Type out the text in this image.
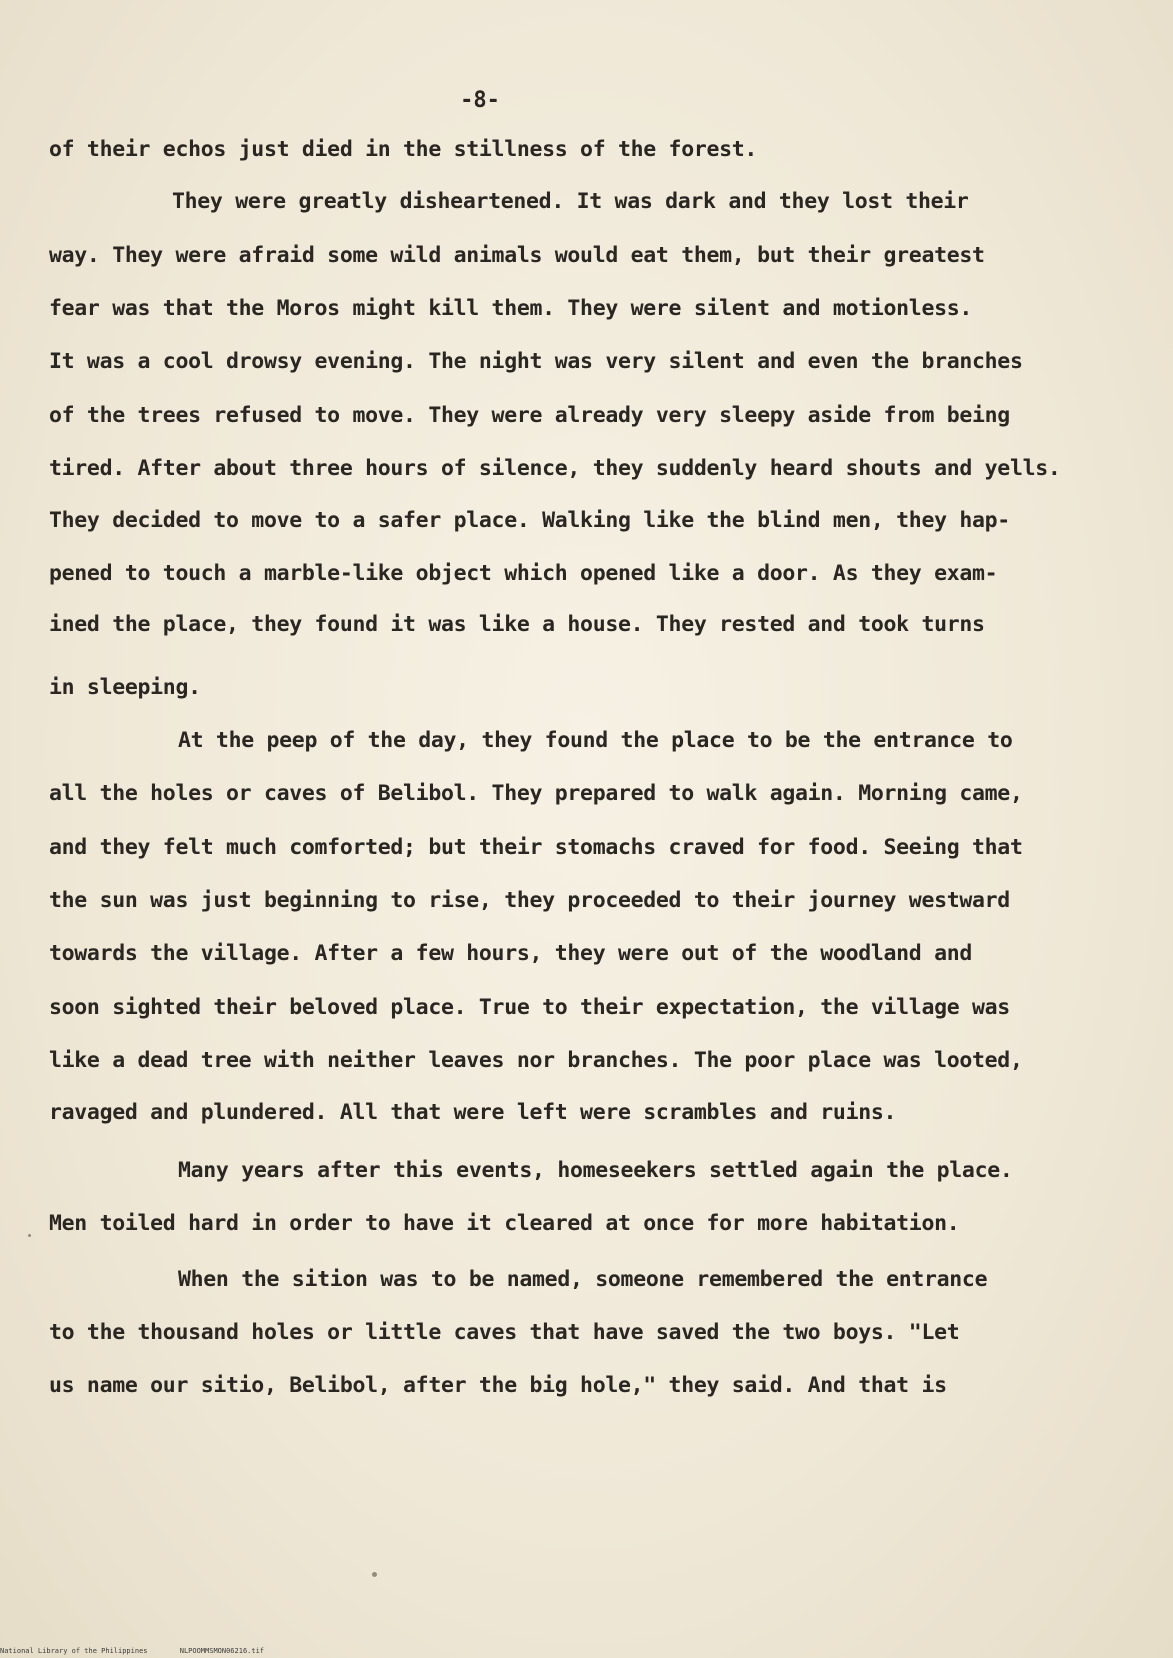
-8-
of their echos just died in the stillness of the forest.
They were greatly disheartened. It was dark and they lost their
way. They were afraid some wild animals would eat them, but their greatest
fear was that the Moros might kill them. They were silent and motionless.
It was a cool drowsy evening. The night was very silent and even the branches
of the trees refused to move. They were already very sleepy aside from being
tired. After about three hours of silence, they suddenly heard shouts and yells.
They decided to move to a safer place. Walking like the blind men, they hap-
pened to touch a marble-like object which opened like a door. As they exam-
ined the place, they found it was like a house. They rested and took turns
in sleeping.
At the peep of the day, they found the place to be the entrance to
all the holes or caves of Belibol. They prepared to walk again. Morning came,
and they felt much comforted; but their stomachs craved for food. Seeing that
the sun was just beginning to rise, they proceeded to their journey westward
towards the village. After a few hours, they were out of the woodland and
soon sighted their beloved place. True to their expectation, the village was
like a dead tree with neither leaves nor branches. The poor place was looted,
ravaged and plundered. All that were left were scrambles and ruins.
Many years after this events, homeseekers settled again the place.
Men toiled hard in order to have it cleared at once for more habitation.
When the sition was to be named, someone remembered the entrance
to the thousand holes or little caves that have saved the two boys. "Let
us name our sitio, Belibol, after the big hole," they said. And that is
National Library of the Philippines	NLPOOMMSMON06216.tif
